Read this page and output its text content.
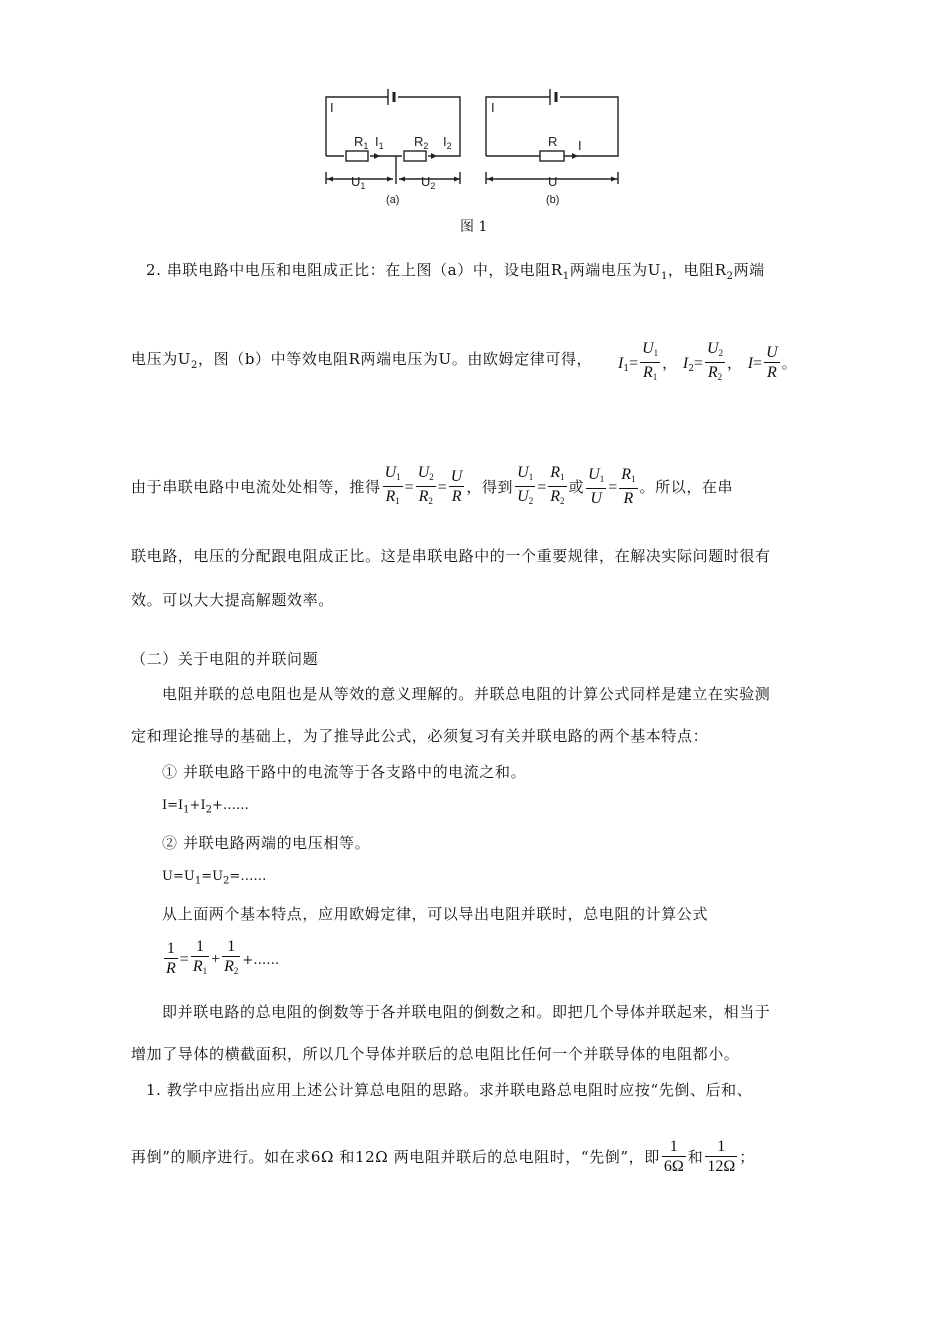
I
$R_1$ $I_1$ $R_2$ $I_2$
$U_1$	$U_2$
(a)
I
R I
U
(b)
图 1
2. 串联电路中电压和电阻成正比：在上图（a）中，设电阻$R_1$两端电压为$U_1$，电阻$R_2$两端
电压为$U_2$，图（b）中等效电阻R两端电压为U。由欧姆定律可得， $I_1= \frac{U_1}{R_1}$ ， $I_2= \frac{U_2}{R_2}$ ， $I= \frac{U}{R}$ 。
由于串联电路中电流处处相等，推得 $\frac{U_1}{R_1} = \frac{U_2}{R_2} = \frac{U}{R}$ ，得到 $\frac{U_1}{U_2} = \frac{R_1}{R_2}$ 或 $\frac{U_1}{U} = \frac{R_1}{R}$ 。所以，在串
联电路，电压的分配跟电阻成正比。这是串联电路中的一个重要规律，在解决实际问题时很有
效。可以大大提高解题效率。
（二）关于电阻的并联问题
电阻并联的总电阻也是从等效的意义理解的。并联总电阻的计算公式同样是建立在实验测
定和理论推导的基础上，为了推导此公式，必须复习有关并联电路的两个基本特点：
① 并联电路干路中的电流等于各支路中的电流之和。
$I=I_1+I_2+\dots\dots$
② 并联电路两端的电压相等。
$U=U_1=U_2=\dots\dots$
从上面两个基本特点，应用欧姆定律，可以导出电阻并联时，总电阻的计算公式
$\frac{1}{R} = \frac{1}{R_1} + \frac{1}{R_2}$ +……
即并联电路的总电阻的倒数等于各并联电阻的倒数之和。即把几个导体并联起来，相当于
增加了导体的横截面积，所以几个导体并联后的总电阻比任何一个并联导体的电阻都小。
1. 教学中应指出应用上述公计算总电阻的思路。求并联电路总电阻时应按“先倒、后和、
再倒”的顺序进行。如在求6Ω 和12Ω 两电阻并联后的总电阻时，“先倒”，即 $\frac{1}{6\Omega}$ 和 $\frac{1}{12\Omega}$ ；
